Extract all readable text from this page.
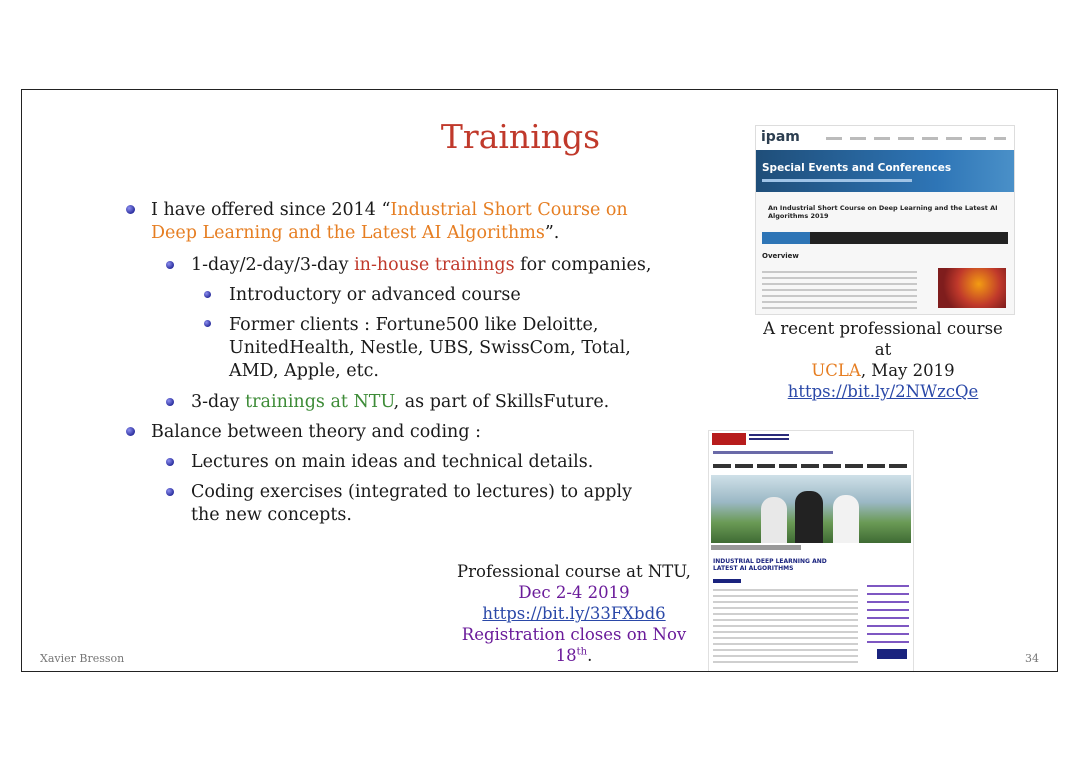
Trainings
I have offered since 2014 “Industrial Short Course on
Deep Learning and the Latest AI Algorithms”.
1-day/2-day/3-day in-house trainings for companies,
Introductory or advanced course
Former clients : Fortune500 like Deloitte,
UnitedHealth, Nestle, UBS, SwissCom, Total,
AMD, Apple, etc.
3-day trainings at NTU, as part of SkillsFuture.
Balance between theory and coding :
Lectures on main ideas and technical details.
Coding exercises (integrated to lectures) to apply
the new concepts.
ipam
Special Events and Conferences
An Industrial Short Course on Deep Learning and the Latest AI Algorithms 2019
Overview
A recent professional course at
UCLA, May 2019
https://bit.ly/2NWzcQe
INDUSTRIAL DEEP LEARNING AND LATEST AI ALGORITHMS
Professional course at NTU,
Dec 2-4 2019
https://bit.ly/33FXbd6
Registration closes on Nov 18th.
Xavier Bresson	34
